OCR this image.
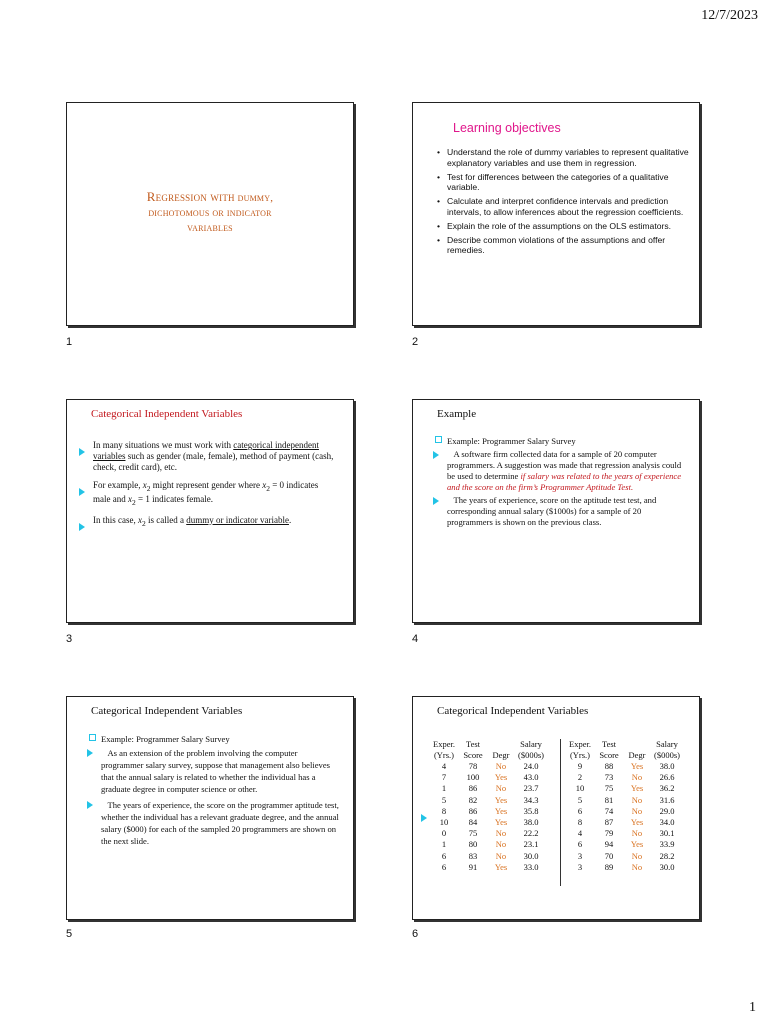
12/7/2023
Regression with dummy,
dichotomous or indicator
variables
1
Learning objectives
• Understand the role of dummy variables to represent qualitative explanatory variables and use them in regression.
• Test for differences between the categories of a qualitative variable.
• Calculate and interpret confidence intervals and prediction intervals, to allow inferences about the regression coefficients.
• Explain the role of the assumptions on the OLS estimators.
• Describe common violations of the assumptions and offer remedies.
2
Categorical Independent Variables

In many situations we must work with categorical independent variables such as gender (male, female), method of payment (cash, check, credit card), etc.

For example, $x_2$ might represent gender where $x_2 = 0$ indicates male and $x_2 = 1$ indicates female.

In this case, $x_2$ is called a dummy or indicator variable.

3
Example
Example: Programmer Salary Survey

A software firm collected data for a sample of 20 computer programmers. A suggestion was made that regression analysis could be used to determine if salary was related to the years of experience and the score on the firm’s Programmer Aptitude Test.

The years of experience, score on the aptitude test test, and corresponding annual salary ($1000s) for a sample of 20 programmers is shown on the previous class.

4
Categorical Independent Variables
Example: Programmer Salary Survey

As an extension of the problem involving the computer programmer salary survey, suppose that management also believes that the annual salary is related to whether the individual has a graduate degree in computer science or other.

The years of experience, the score on the programmer aptitude test, whether the individual has a relevant graduate degree, and the annual salary ($000) for each of the sampled 20 programmers are shown on the next slide.

5
Categorical Independent Variables
Exper.
(Yrs.)	Test
Score	Degr	Salary
($000s)
4	78	No	24.0
7	100	Yes	43.0
1	86	No	23.7
5	82	Yes	34.3
8	86	Yes	35.8
10	84	Yes	38.0
0	75	No	22.2
1	80	No	23.1
6	83	No	30.0
6	91	Yes	33.0
Exper.
(Yrs.)	Test
Score	Degr	Salary
($000s)
9	88	Yes	38.0
2	73	No	26.6
10	75	Yes	36.2
5	81	No	31.6
6	74	No	29.0
8	87	Yes	34.0
4	79	No	30.1
6	94	Yes	33.9
3	70	No	28.2
3	89	No	30.0
6
1
